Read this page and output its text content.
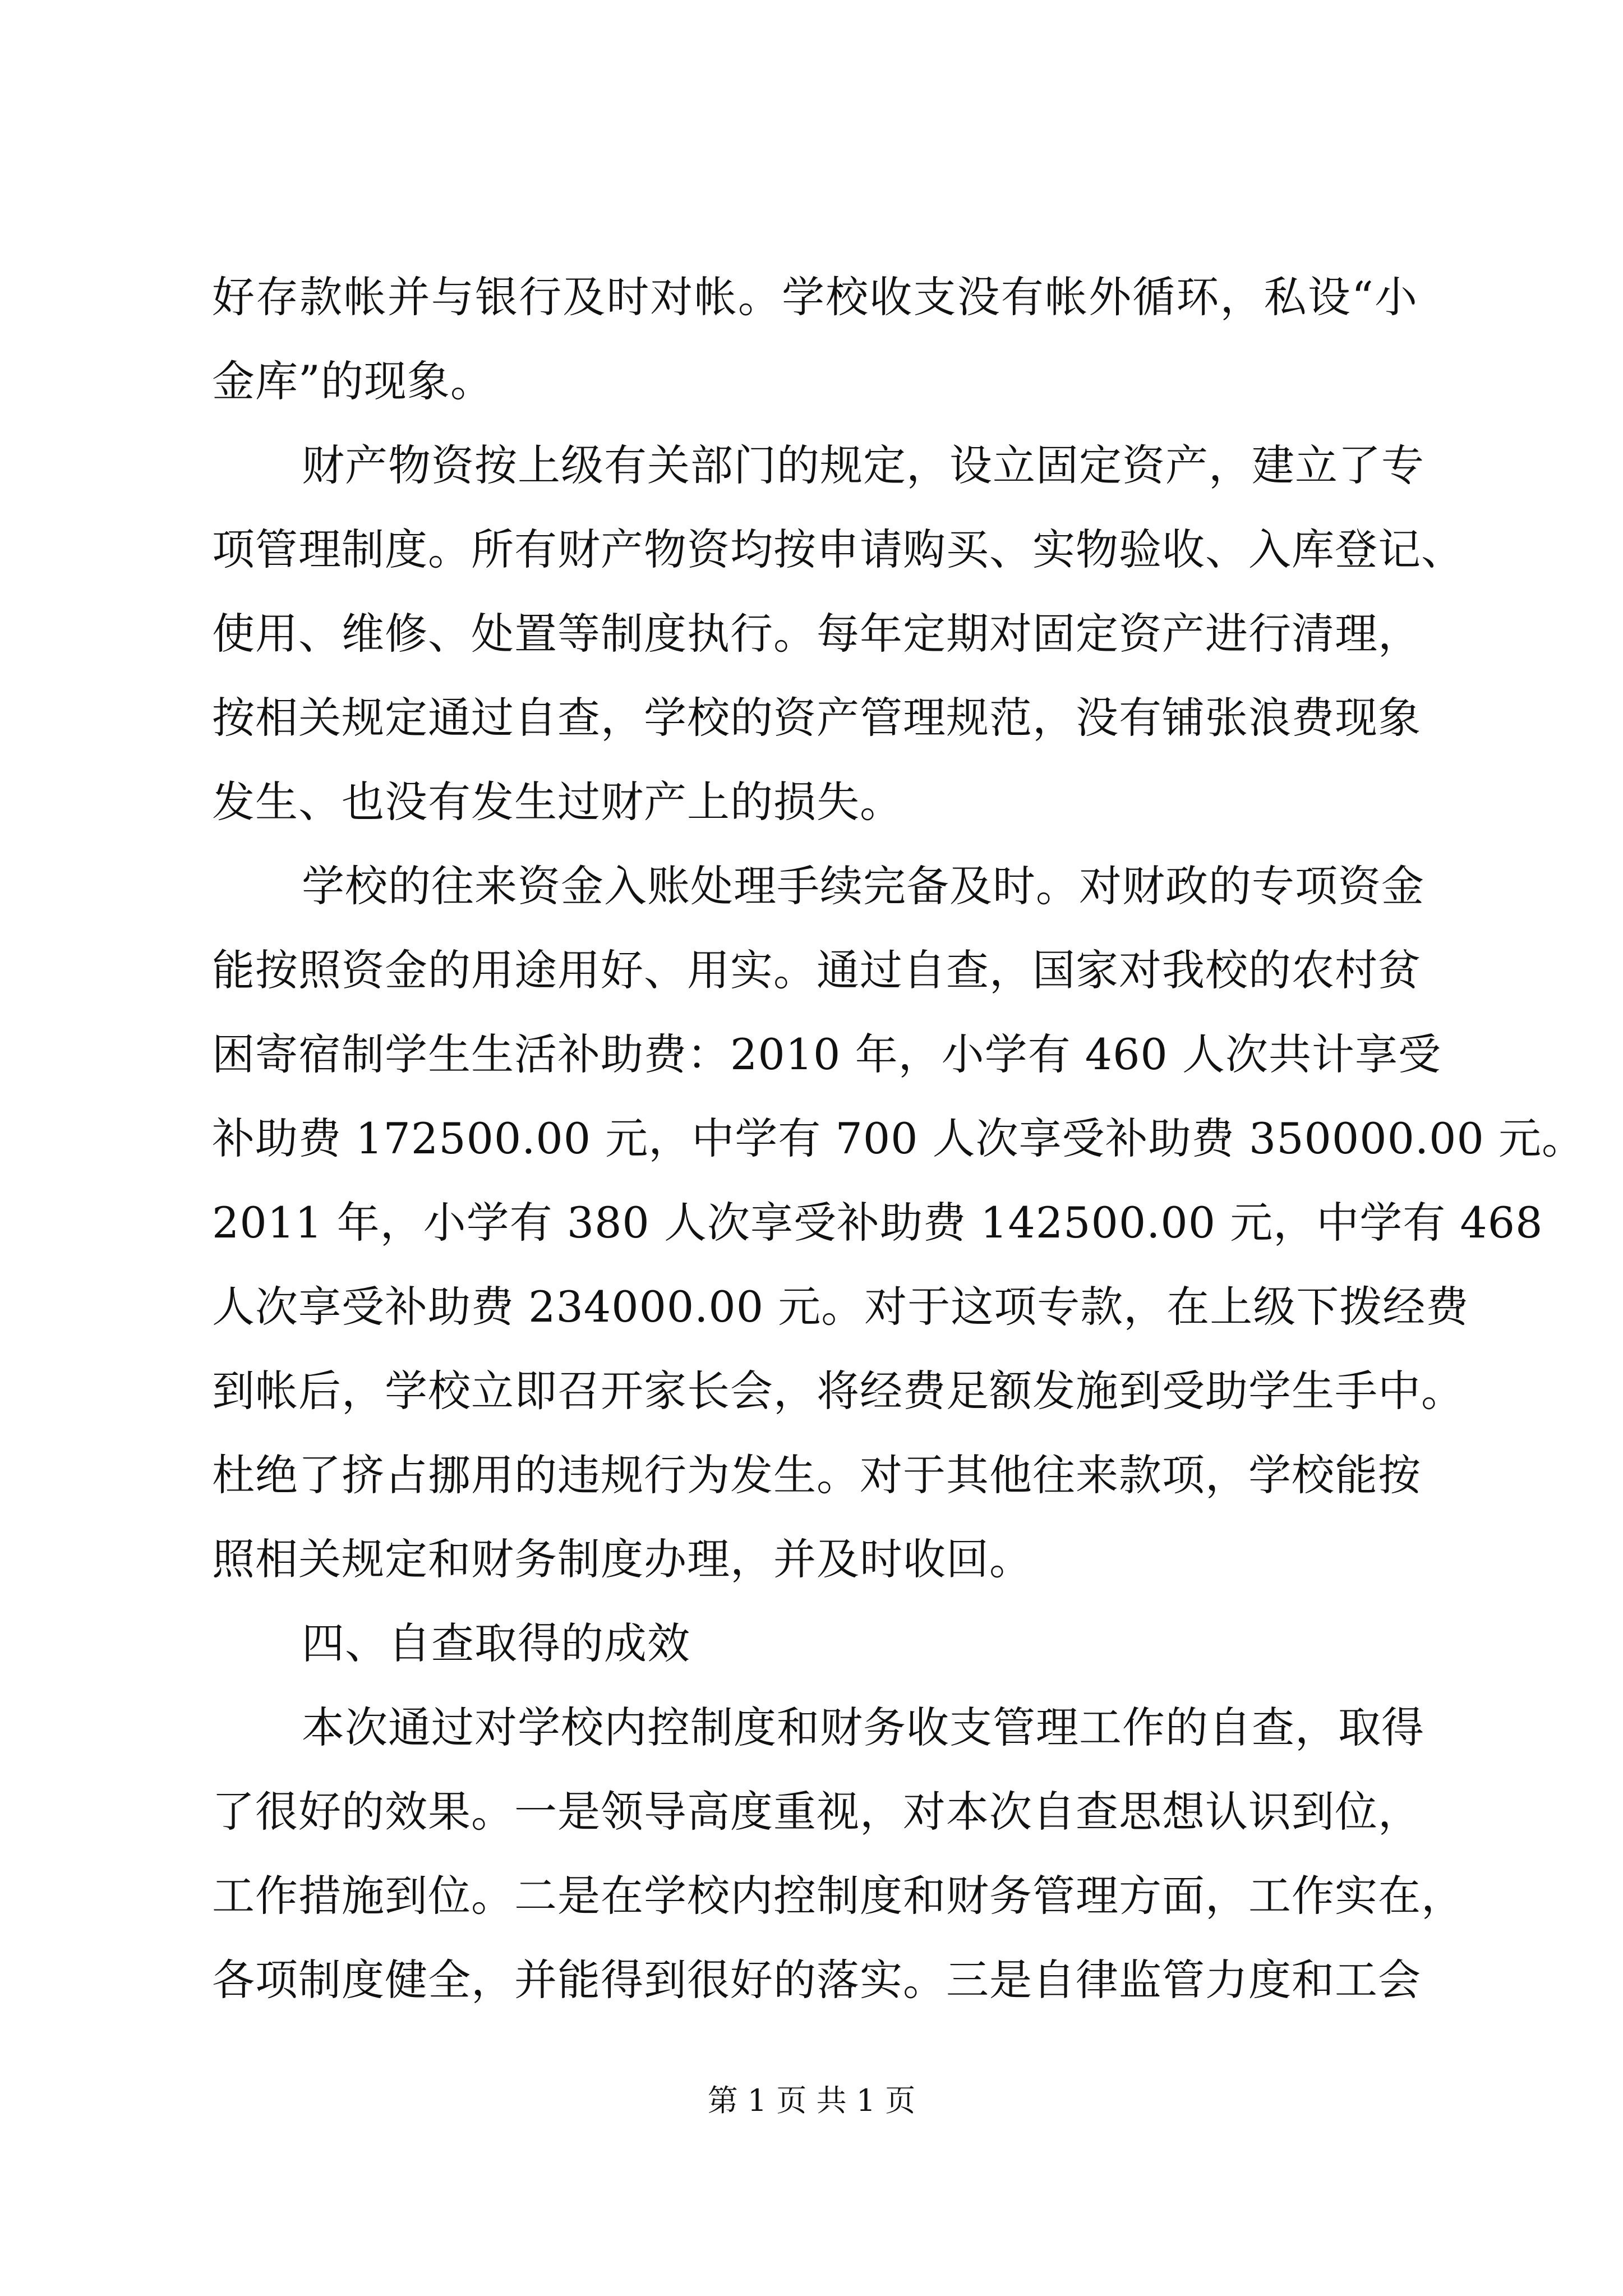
好存款帐并与银行及时对帐。学校收支没有帐外循环，私设“小
金库”的现象。
财产物资按上级有关部门的规定，设立固定资产，建立了专
项管理制度。所有财产物资均按申请购买、实物验收、入库登记、
使用、维修、处置等制度执行。每年定期对固定资产进行清理，
按相关规定通过自查，学校的资产管理规范，没有铺张浪费现象
发生、也没有发生过财产上的损失。
学校的往来资金入账处理手续完备及时。对财政的专项资金
能按照资金的用途用好、用实。通过自查，国家对我校的农村贫
困寄宿制学生生活补助费：2010 年，小学有 460 人次共计享受
补助费 172500.00 元，中学有 700 人次享受补助费 350000.00 元。
2011 年，小学有 380 人次享受补助费 142500.00 元，中学有 468
人次享受补助费 234000.00 元。对于这项专款，在上级下拨经费
到帐后，学校立即召开家长会，将经费足额发施到受助学生手中。
杜绝了挤占挪用的违规行为发生。对于其他往来款项，学校能按
照相关规定和财务制度办理，并及时收回。
四、自查取得的成效
本次通过对学校内控制度和财务收支管理工作的自查，取得
了很好的效果。一是领导高度重视，对本次自查思想认识到位，
工作措施到位。二是在学校内控制度和财务管理方面，工作实在，
各项制度健全，并能得到很好的落实。三是自律监管力度和工会
第 1 页 共 1 页
